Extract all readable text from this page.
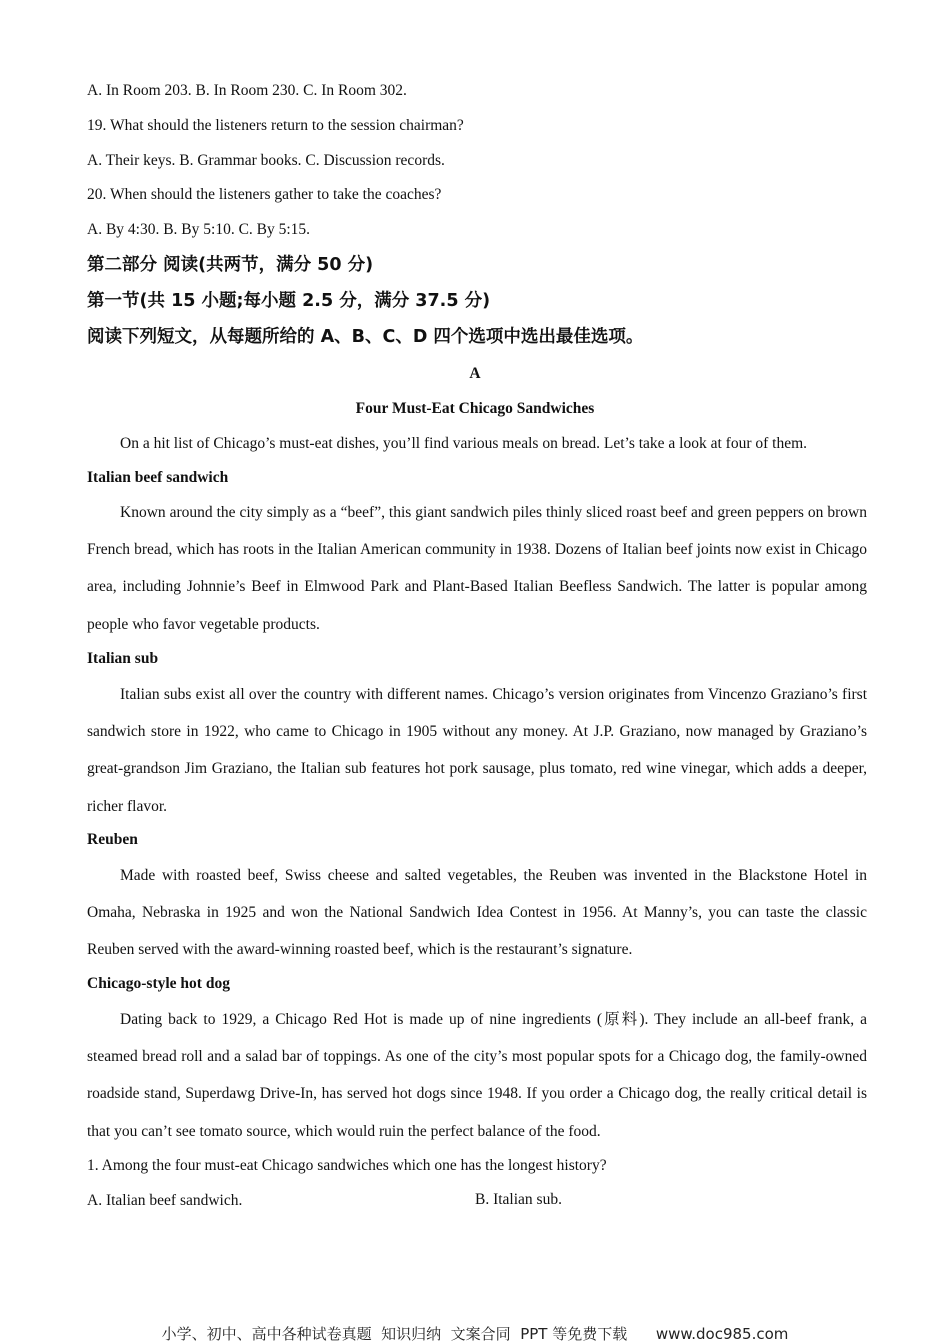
A. In Room 203. B. In Room 230. C. In Room 302.
19. What should the listeners return to the session chairman?
A. Their keys. B. Grammar books. C. Discussion records.
20. When should the listeners gather to take the coaches?
A. By 4:30. B. By 5:10. C. By 5:15.
第二部分 阅读(共两节，满分 50 分)
第一节(共 15 小题;每小题 2.5 分，满分 37.5 分)
阅读下列短文，从每题所给的 A、B、C、D 四个选项中选出最佳选项。
A
Four Must-Eat Chicago Sandwiches
On a hit list of Chicago’s must-eat dishes, you’ll find various meals on bread. Let’s take a look at four of them.
Italian beef sandwich
Known around the city simply as a “beef”, this giant sandwich piles thinly sliced roast beef and green peppers on brown French bread, which has roots in the Italian American community in 1938. Dozens of Italian beef joints now exist in Chicago area, including Johnnie’s Beef in Elmwood Park and Plant-Based Italian Beefless Sandwich. The latter is popular among people who favor vegetable products.
Italian sub
Italian subs exist all over the country with different names. Chicago’s version originates from Vincenzo Graziano’s first sandwich store in 1922, who came to Chicago in 1905 without any money. At J.P. Graziano, now managed by Graziano’s great-grandson Jim Graziano, the Italian sub features hot pork sausage, plus tomato, red wine vinegar, which adds a deeper, richer flavor.
Reuben
Made with roasted beef, Swiss cheese and salted vegetables, the Reuben was invented in the Blackstone Hotel in Omaha, Nebraska in 1925 and won the National Sandwich Idea Contest in 1956. At Manny’s, you can taste the classic Reuben served with the award-winning roasted beef, which is the restaurant’s signature.
Chicago-style hot dog
Dating back to 1929, a Chicago Red Hot is made up of nine ingredients (原料). They include an all-beef frank, a steamed bread roll and a salad bar of toppings. As one of the city’s most popular spots for a Chicago dog, the family-owned roadside stand, Superdawg Drive-In, has served hot dogs since 1948. If you order a Chicago dog, the really critical detail is that you can’t see tomato source, which would ruin the perfect balance of the food.
1. Among the four must-eat Chicago sandwiches which one has the longest history?
A. Italian beef sandwich.	B. Italian sub.
小学、初中、高中各种试卷真题  知识归纳  文案合同  PPT 等免费下载      www.doc985.com
